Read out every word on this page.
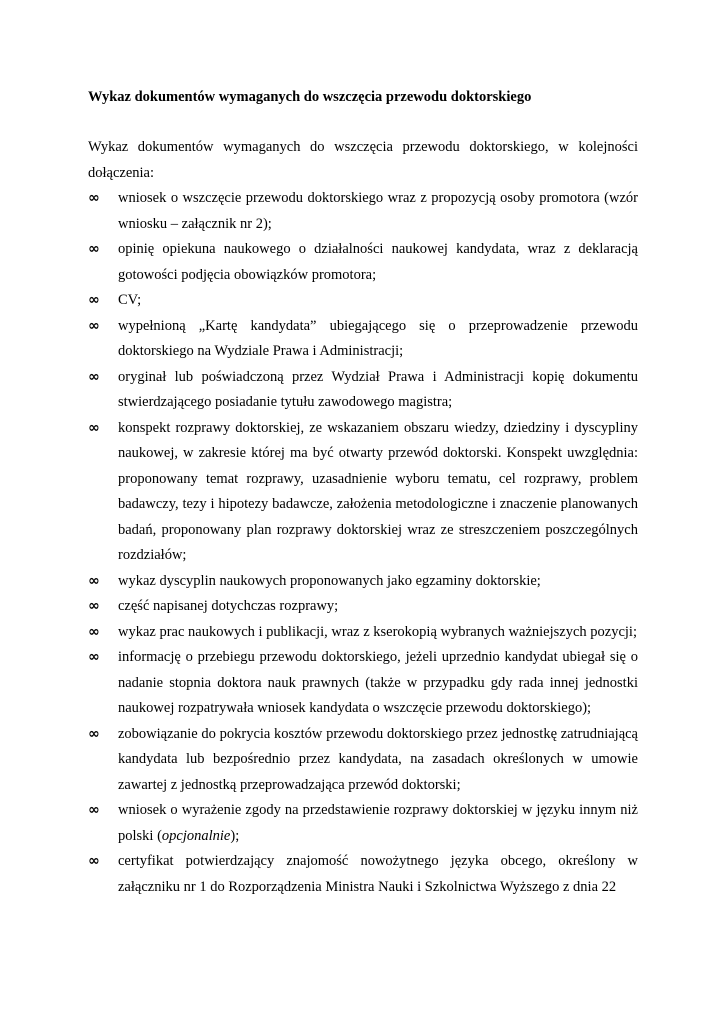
Wykaz dokumentów wymaganych do wszczęcia przewodu doktorskiego
Wykaz dokumentów wymaganych do wszczęcia przewodu doktorskiego, w kolejności dołączenia:
∞	wniosek o wszczęcie przewodu doktorskiego wraz z propozycją osoby promotora (wzór wniosku – załącznik nr 2);
∞	opinię opiekuna naukowego o działalności naukowej kandydata, wraz z deklaracją gotowości podjęcia obowiązków promotora;
∞	CV;
∞	wypełnioną „Kartę kandydata” ubiegającego się o przeprowadzenie przewodu doktorskiego na Wydziale Prawa i Administracji;
∞	oryginał lub poświadczoną przez Wydział Prawa i Administracji kopię dokumentu stwierdzającego posiadanie tytułu zawodowego magistra;
∞	konspekt rozprawy doktorskiej, ze wskazaniem obszaru wiedzy, dziedziny i dyscypliny naukowej, w zakresie której ma być otwarty przewód doktorski. Konspekt uwzględnia: proponowany temat rozprawy, uzasadnienie wyboru tematu, cel rozprawy, problem badawczy, tezy i hipotezy badawcze, założenia metodologiczne i znaczenie planowanych badań, proponowany plan rozprawy doktorskiej wraz ze streszczeniem poszczególnych rozdziałów;
∞	wykaz dyscyplin naukowych proponowanych jako egzaminy doktorskie;
∞	część napisanej dotychczas rozprawy;
∞	wykaz prac naukowych i publikacji, wraz z kserokopią wybranych ważniejszych pozycji;
∞	informację o przebiegu przewodu doktorskiego, jeżeli uprzednio kandydat ubiegał się o nadanie stopnia doktora nauk prawnych (także w przypadku gdy rada innej jednostki naukowej rozpatrywała wniosek kandydata o wszczęcie przewodu doktorskiego);
∞	zobowiązanie do pokrycia kosztów przewodu doktorskiego przez jednostkę zatrudniającą kandydata lub bezpośrednio przez kandydata, na zasadach określonych w umowie zawartej z jednostką przeprowadzająca przewód doktorski;
∞	wniosek o wyrażenie zgody na przedstawienie rozprawy doktorskiej w języku innym niż polski (opcjonalnie);
∞	certyfikat potwierdzający znajomość nowożytnego języka obcego, określony w załączniku nr 1 do Rozporządzenia Ministra Nauki i Szkolnictwa Wyższego z dnia 22
